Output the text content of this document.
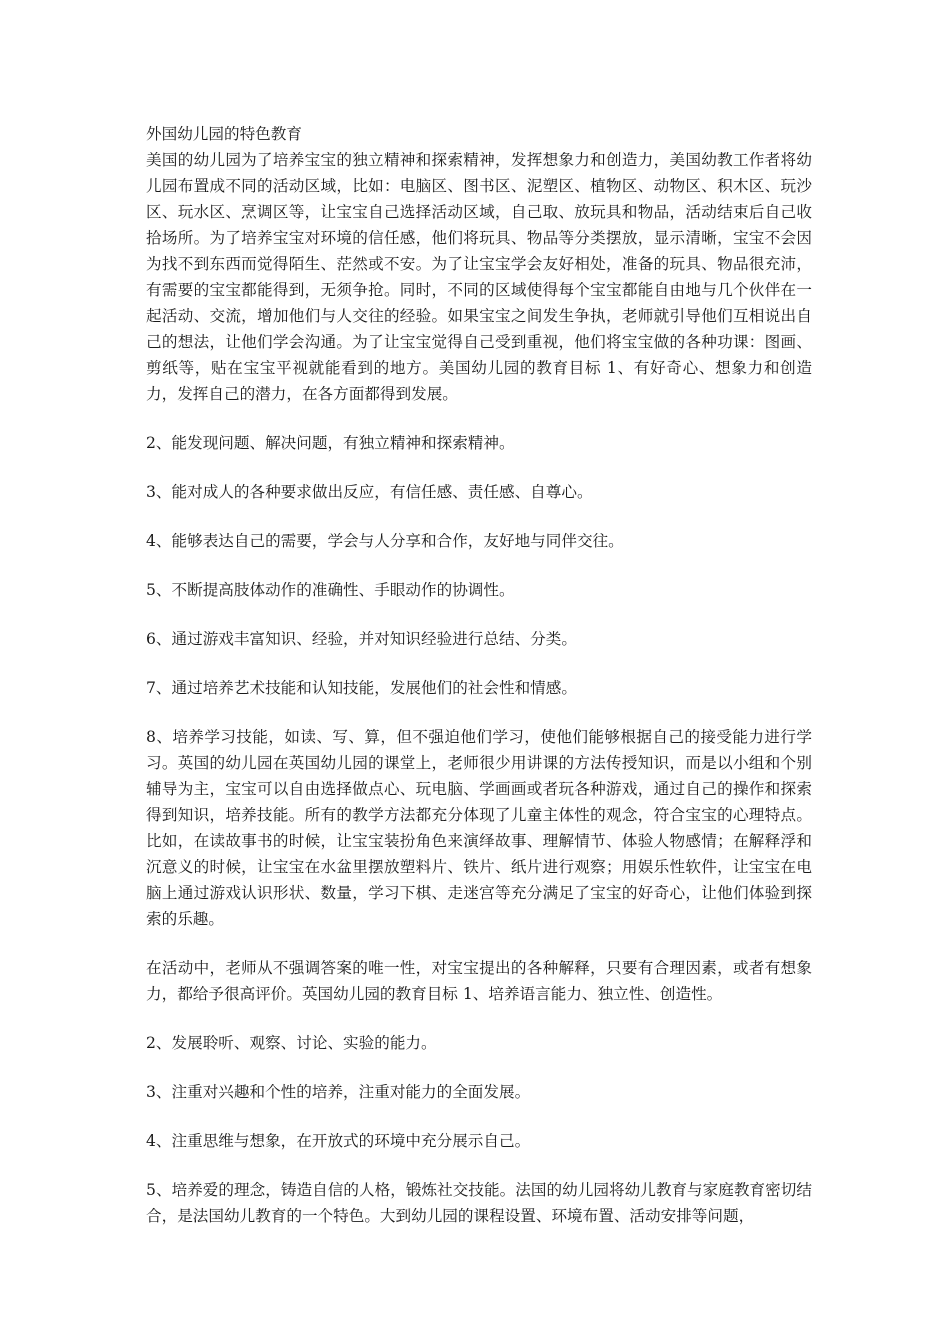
外国幼儿园的特色教育

美国的幼儿园为了培养宝宝的独立精神和探索精神，发挥想象力和创造力，美国幼教工作者将幼儿园布置成不同的活动区域，比如：电脑区、图书区、泥塑区、植物区、动物区、积木区、玩沙区、玩水区、烹调区等，让宝宝自己选择活动区域，自己取、放玩具和物品，活动结束后自己收拾场所。为了培养宝宝对环境的信任感，他们将玩具、物品等分类摆放，显示清晰，宝宝不会因为找不到东西而觉得陌生、茫然或不安。为了让宝宝学会友好相处，准备的玩具、物品很充沛，有需要的宝宝都能得到，无须争抢。同时，不同的区域使得每个宝宝都能自由地与几个伙伴在一起活动、交流，增加他们与人交往的经验。如果宝宝之间发生争执，老师就引导他们互相说出自己的想法，让他们学会沟通。为了让宝宝觉得自己受到重视，他们将宝宝做的各种功课：图画、剪纸等，贴在宝宝平视就能看到的地方。美国幼儿园的教育目标 1、有好奇心、想象力和创造力，发挥自己的潜力，在各方面都得到发展。

2、能发现问题、解决问题，有独立精神和探索精神。

3、能对成人的各种要求做出反应，有信任感、责任感、自尊心。

4、能够表达自己的需要，学会与人分享和合作，友好地与同伴交往。

5、不断提高肢体动作的准确性、手眼动作的协调性。

6、通过游戏丰富知识、经验，并对知识经验进行总结、分类。

7、通过培养艺术技能和认知技能，发展他们的社会性和情感。

8、培养学习技能，如读、写、算，但不强迫他们学习，使他们能够根据自己的接受能力进行学习。英国的幼儿园在英国幼儿园的课堂上，老师很少用讲课的方法传授知识，而是以小组和个别辅导为主，宝宝可以自由选择做点心、玩电脑、学画画或者玩各种游戏，通过自己的操作和探索得到知识，培养技能。所有的教学方法都充分体现了儿童主体性的观念，符合宝宝的心理特点。比如，在读故事书的时候，让宝宝装扮角色来演绎故事、理解情节、体验人物感情；在解释浮和沉意义的时候，让宝宝在水盆里摆放塑料片、铁片、纸片进行观察；用娱乐性软件，让宝宝在电脑上通过游戏认识形状、数量，学习下棋、走迷宫等充分满足了宝宝的好奇心，让他们体验到探索的乐趣。

在活动中，老师从不强调答案的唯一性，对宝宝提出的各种解释，只要有合理因素，或者有想象力，都给予很高评价。英国幼儿园的教育目标 1、培养语言能力、独立性、创造性。

2、发展聆听、观察、讨论、实验的能力。

3、注重对兴趣和个性的培养，注重对能力的全面发展。

4、注重思维与想象，在开放式的环境中充分展示自己。

5、培养爱的理念，铸造自信的人格，锻炼社交技能。法国的幼儿园将幼儿教育与家庭教育密切结合，是法国幼儿教育的一个特色。大到幼儿园的课程设置、环境布置、活动安排等问题，
